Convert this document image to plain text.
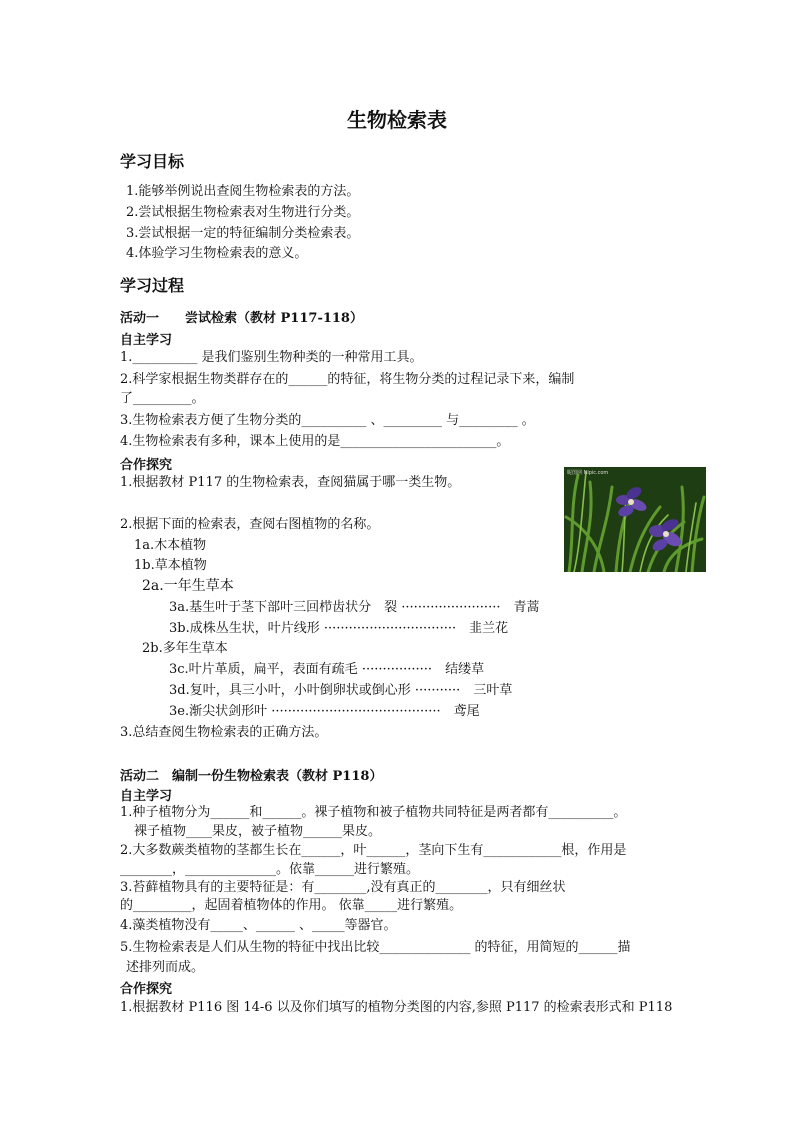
生物检索表
学习目标
1.能够举例说出查阅生物检索表的方法。
2.尝试根据生物检索表对生物进行分类。
3.尝试根据一定的特征编制分类检索表。
4.体验学习生物检索表的意义。
学习过程
活动一　　尝试检索（教材 P117-118）
自主学习
1.__________ 是我们鉴别生物种类的一种常用工具。
2.科学家根据生物类群存在的______的特征，将生物分类的过程记录下来，编制
了_________。
3.生物检索表方便了生物分类的__________ 、_________ 与_________ 。
4.生物检索表有多种，课本上使用的是________________________。
合作探究
1.根据教材 P117 的生物检索表，查阅猫属于哪一类生物。
2.根据下面的检索表，查阅右图植物的名称。
1a.木本植物
1b.草本植物
2a.一年生草本
3a.基生叶于茎下部叶三回栉齿状分　裂 ························　青蒿
3b.成株丛生状，叶片线形 ································　韭兰花
2b.多年生草本
3c.叶片革质，扁平，表面有疏毛 ·················　结缕草
3d.复叶，具三小叶，小叶倒卵状或倒心形 ···········　三叶草
3e.渐尖状剑形叶 ·········································　鸢尾
3.总结查阅生物检索表的正确方法。
昵图网 Nipic.com
活动二　编制一份生物检索表（教材 P118）
自主学习
1.种子植物分为______和______。裸子植物和被子植物共同特征是两者都有__________。
裸子植物____果皮，被子植物______果皮。
2.大多数蕨类植物的茎都生长在______，叶______，茎向下生有____________根，作用是
________，______________。依靠______进行繁殖。
3.苔藓植物具有的主要特征是：有________,没有真正的________，只有细丝状
的_________，起固着植物体的作用。 依靠_____进行繁殖。
4.藻类植物没有_____、______ 、_____等器官。
5.生物检索表是人们从生物的特征中找出比较______________ 的特征，用简短的______描
述排列而成。
合作探究
1.根据教材 P116 图 14-6 以及你们填写的植物分类图的内容,参照 P117 的检索表形式和 P118
